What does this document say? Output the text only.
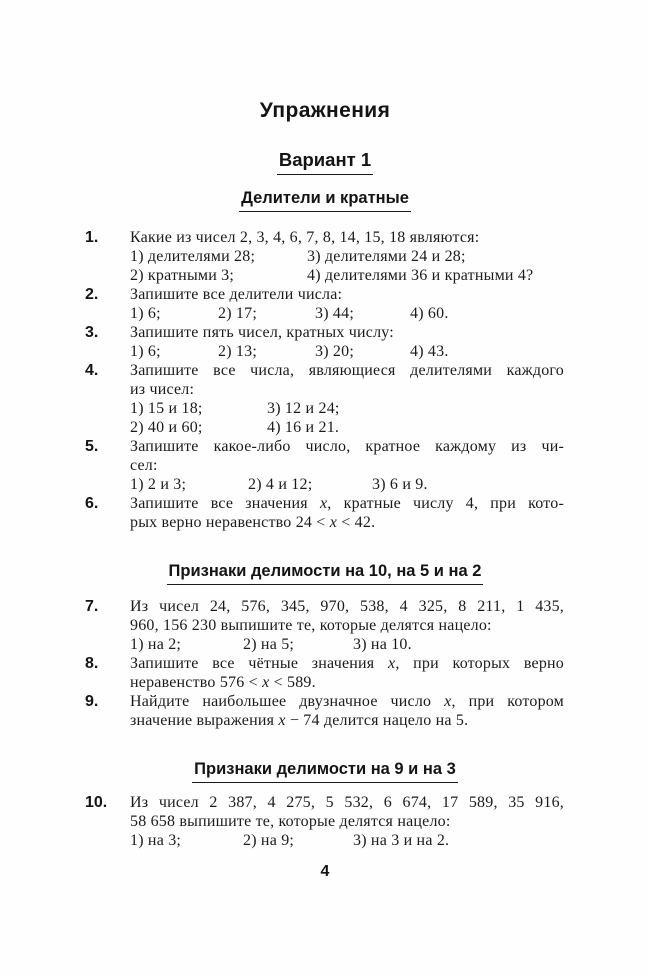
Упражнения
Вариант 1
Делители и кратные
1.	Какие из чисел 2, 3, 4, 6, 7, 8, 14, 15, 18 являются:
1) делителями 28;	3) делителями 24 и 28;
2) кратными 3;	4) делителями 36 и кратными 4?
2.	Запишите все делители числа:
1) 6;	2) 17;	3) 44;	4) 60.
3.	Запишите пять чисел, кратных числу:
1) 6;	2) 13;	3) 20;	4) 43.
4.	Запишите все числа, являющиеся делителями каждого
из чисел:
1) 15 и 18;	3) 12 и 24;
2) 40 и 60;	4) 16 и 21.
5.	Запишите какое-либо число, кратное каждому из чи-
сел:
1) 2 и 3;	2) 4 и 12;	3) 6 и 9.
6.	Запишите все значения x, кратные числу 4, при кото-
рых верно неравенство 24 < x < 42.
Признаки делимости на 10, на 5 и на 2
7.	Из чисел 24, 576, 345, 970, 538, 4 325, 8 211, 1 435,
960, 156 230 выпишите те, которые делятся нацело:
1) на 2;	2) на 5;	3) на 10.
8.	Запишите все чётные значения x, при которых верно
неравенство 576 < x < 589.
9.	Найдите наибольшее двузначное число x, при котором
значение выражения x − 74 делится нацело на 5.
Признаки делимости на 9 и на 3
10.	Из чисел 2 387, 4 275, 5 532, 6 674, 17 589, 35 916,
58 658 выпишите те, которые делятся нацело:
1) на 3;	2) на 9;	3) на 3 и на 2.
4
